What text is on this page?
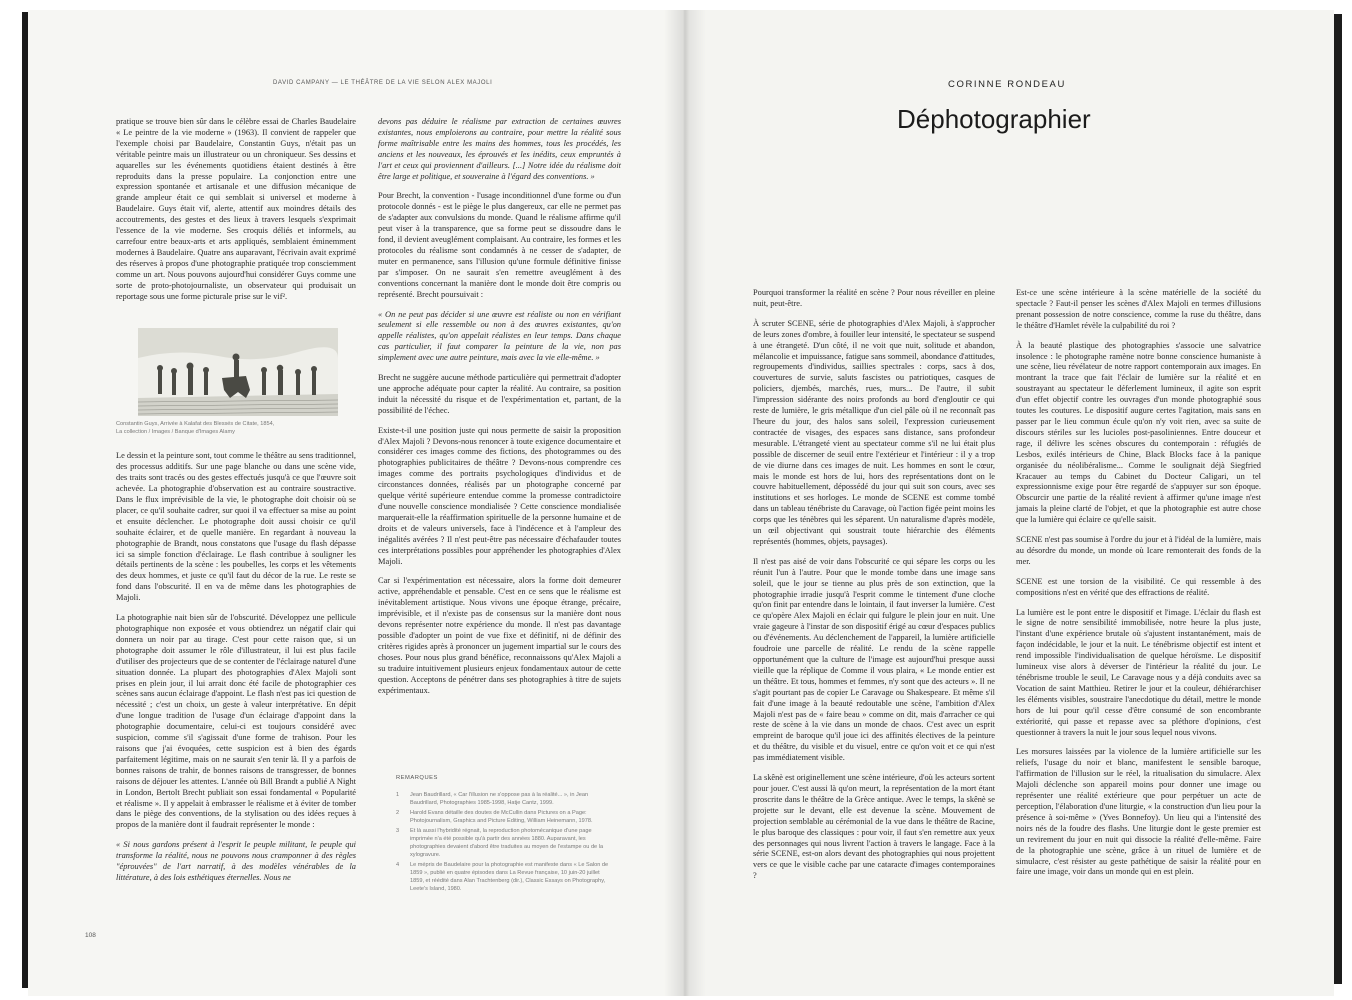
DAVID CAMPANY — LE THÉÂTRE DE LA VIE SELON ALEX MAJOLI

pratique se trouve bien sûr dans le célèbre essai de Charles Baudelaire « Le peintre de la vie moderne » (1963). Il convient de rappeler que l'exemple choisi par Baudelaire, Constantin Guys, n'était pas un véritable peintre mais un illustrateur ou un chroniqueur. Ses dessins et aquarelles sur les événements quotidiens étaient destinés à être reproduits dans la presse populaire. La conjonction entre une expression spontanée et artisanale et une diffusion mécanique de grande ampleur était ce qui semblait si universel et moderne à Baudelaire. Guys était vif, alerte, attentif aux moindres détails des accoutrements, des gestes et des lieux à travers lesquels s'exprimait l'essence de la vie moderne. Ses croquis déliés et informels, au carrefour entre beaux-arts et arts appliqués, semblaient éminemment modernes à Baudelaire. Quatre ans auparavant, l'écrivain avait exprimé des réserves à propos d'une photographie pratiquée trop consciemment comme un art. Nous pouvons aujourd'hui considérer Guys comme une sorte de proto-photojournaliste, un observateur qui produisait un reportage sous une forme picturale prise sur le vif².

Le dessin et la peinture sont, tout comme le théâtre au sens traditionnel, des processus additifs. Sur une page blanche ou dans une scène vide, des traits sont tracés ou des gestes effectués jusqu'à ce que l'œuvre soit achevée. La photographie d'observation est au contraire soustractive. Dans le flux imprévisible de la vie, le photographe doit choisir où se placer, ce qu'il souhaite cadrer, sur quoi il va effectuer sa mise au point et ensuite déclencher. Le photographe doit aussi choisir ce qu'il souhaite éclairer, et de quelle manière. En regardant à nouveau la photographie de Brandt, nous constatons que l'usage du flash dépasse ici sa simple fonction d'éclairage. Le flash contribue à souligner les détails pertinents de la scène : les poubelles, les corps et les vêtements des deux hommes, et juste ce qu'il faut du décor de la rue. Le reste se fond dans l'obscurité. Il en va de même dans les photographies de Majoli.

La photographie nait bien sûr de l'obscurité. Développez une pellicule photographique non exposée et vous obtiendrez un négatif clair qui donnera un noir par au tirage. C'est pour cette raison que, si un photographe doit assumer le rôle d'illustrateur, il lui est plus facile d'utiliser des projecteurs que de se contenter de l'éclairage naturel d'une situation donnée. La plupart des photographies d'Alex Majoli sont prises en plein jour, il lui arrait donc été facile de photographier ces scènes sans aucun éclairage d'appoint. Le flash n'est pas ici question de nécessité ; c'est un choix, un geste à valeur interprétative. En dépit d'une longue tradition de l'usage d'un éclairage d'appoint dans la photographie documentaire, celui-ci est toujours considéré avec suspicion, comme s'il s'agissait d'une forme de trahison. Pour les raisons que j'ai évoquées, cette suspicion est à bien des égards parfaitement légitime, mais on ne saurait s'en tenir là. Il y a parfois de bonnes raisons de trahir, de bonnes raisons de transgresser, de bonnes raisons de déjouer les attentes. L'année où Bill Brandt a publié A Night in London, Bertolt Brecht publiait son essai fondamental « Popularité et réalisme ». Il y appelait à embrasser le réalisme et à éviter de tomber dans le piège des conventions, de la stylisation ou des idées reçues à propos de la manière dont il faudrait représenter le monde :

« Si nous gardons présent à l'esprit le peuple militant, le peuple qui transforme la réalité, nous ne pouvons nous cramponner à des règles "éprouvées" de l'art narratif, à des modèles vénérables de la littérature, à des lois esthétiques éternelles. Nous ne

Constantin Guys, Arrivée à Kalafat des Blessés de Citate, 1854,
La collection / Images / Banque d'Images Alamy

devons pas déduire le réalisme par extraction de certaines œuvres existantes, nous emploierons au contraire, pour mettre la réalité sous forme maîtrisable entre les mains des hommes, tous les procédés, les anciens et les nouveaux, les éprouvés et les inédits, ceux empruntés à l'art et ceux qui proviennent d'ailleurs. [...] Notre idée du réalisme doit être large et politique, et souveraine à l'égard des conventions. »

Pour Brecht, la convention - l'usage inconditionnel d'une forme ou d'un protocole donnés - est le piège le plus dangereux, car elle ne permet pas de s'adapter aux convulsions du monde. Quand le réalisme affirme qu'il peut viser à la transparence, que sa forme peut se dissoudre dans le fond, il devient aveuglément complaisant. Au contraire, les formes et les protocoles du réalisme sont condamnés à ne cesser de s'adapter, de muter en permanence, sans l'illusion qu'une formule définitive finisse par s'imposer. On ne saurait s'en remettre aveuglément à des conventions concernant la manière dont le monde doit être compris ou représenté. Brecht poursuivait :

« On ne peut pas décider si une œuvre est réaliste ou non en vérifiant seulement si elle ressemble ou non à des œuvres existantes, qu'on appelle réalistes, qu'on appelait réalistes en leur temps. Dans chaque cas particulier, il faut comparer la peinture de la vie, non pas simplement avec une autre peinture, mais avec la vie elle-même. »

Brecht ne suggère aucune méthode particulière qui permettrait d'adopter une approche adéquate pour capter la réalité. Au contraire, sa position induit la nécessité du risque et de l'expérimentation et, partant, de la possibilité de l'échec.

Existe-t-il une position juste qui nous permette de saisir la proposition d'Alex Majoli ? Devons-nous renoncer à toute exigence documentaire et considérer ces images comme des fictions, des photogrammes ou des photographies publicitaires de théâtre ? Devons-nous comprendre ces images comme des portraits psychologiques d'individus et de circonstances données, réalisés par un photographe concerné par quelque vérité supérieure entendue comme la promesse contradictoire d'une nouvelle conscience mondialisée ? Cette conscience mondialisée marquerait-elle la réaffirmation spirituelle de la personne humaine et de droits et de valeurs universels, face à l'indécence et à l'ampleur des inégalités avérées ? Il n'est peut-être pas nécessaire d'échafauder toutes ces interprétations possibles pour appréhender les photographies d'Alex Majoli.

Car si l'expérimentation est nécessaire, alors la forme doit demeurer active, appréhendable et pensable. C'est en ce sens que le réalisme est inévitablement artistique. Nous vivons une époque étrange, précaire, imprévisible, et il n'existe pas de consensus sur la manière dont nous devons représenter notre expérience du monde. Il n'est pas davantage possible d'adopter un point de vue fixe et définitif, ni de définir des critères rigides après à prononcer un jugement impartial sur le cours des choses. Pour nous plus grand bénéfice, reconnaissons qu'Alex Majoli a su traduire intuitivement plusieurs enjeux fondamentaux autour de cette question. Acceptons de pénétrer dans ses photographies à titre de sujets expérimentaux.

REMARQUES
1	Jean Baudrillard, « Car l'illusion ne s'oppose pas à la réalité... », in Jean Baudrillard, Photographies 1985-1998, Hatje Cantz, 1999.
2	Harold Evans détaille des doutes de McCullin dans Pictures on a Page: Photojournalism, Graphics and Picture Editing, William Heinemann, 1978.
3	Et là aussi l'hybridité régnait, la reproduction photomécanique d'une page imprimée n'a été possible qu'à partir des années 1880. Auparavant, les photographies devaient d'abord être traduites au moyen de l'estampe ou de la xylogravure.
4	Le mépris de Baudelaire pour la photographie est manifeste dans « Le Salon de 1859 », publié en quatre épisodes dans La Revue française, 10 juin-20 juillet 1859, et réédité dans Alan Trachtenberg (dir.), Classic Essays on Photography, Leete's Island, 1980.
108
CORINNE RONDEAU
Déphotographier

Pourquoi transformer la réalité en scène ? Pour nous réveiller en pleine nuit, peut-être.

À scruter SCENE, série de photographies d'Alex Majoli, à s'approcher de leurs zones d'ombre, à fouiller leur intensité, le spectateur se suspend à une étrangeté. D'un côté, il ne voit que nuit, solitude et abandon, mélancolie et impuissance, fatigue sans sommeil, abondance d'attitudes, regroupements d'individus, saillies spectrales : corps, sacs à dos, couvertures de survie, saluts fascistes ou patriotiques, casques de policiers, djembés, marchés, rues, murs... De l'autre, il subit l'impression sidérante des noirs profonds au bord d'engloutir ce qui reste de lumière, le gris métallique d'un ciel pâle où il ne reconnaît pas l'heure du jour, des halos sans soleil, l'expression curieusement contractée de visages, des espaces sans distance, sans profondeur mesurable. L'étrangeté vient au spectateur comme s'il ne lui était plus possible de discerner de seuil entre l'extérieur et l'intérieur : il y a trop de vie diurne dans ces images de nuit. Les hommes en sont le cœur, mais le monde est hors de lui, hors des représentations dont on le couvre habituellement, dépossédé du jour qui suit son cours, avec ses institutions et ses horloges. Le monde de SCENE est comme tombé dans un tableau ténébriste du Caravage, où l'action figée peint moins les corps que les ténèbres qui les séparent. Un naturalisme d'après modèle, un œil objectivant qui soustrait toute hiérarchie des éléments représentés (hommes, objets, paysages).

Il n'est pas aisé de voir dans l'obscurité ce qui sépare les corps ou les réunit l'un à l'autre. Pour que le monde tombe dans une image sans soleil, que le jour se tienne au plus près de son extinction, que la photographie irradie jusqu'à l'esprit comme le tintement d'une cloche qu'on finit par entendre dans le lointain, il faut inverser la lumière. C'est ce qu'opère Alex Majoli en éclair qui fulgure le plein jour en nuit. Une vraie gageure à l'instar de son dispositif érigé au cœur d'espaces publics ou d'événements. Au déclenchement de l'appareil, la lumière artificielle foudroie une parcelle de réalité. Le rendu de la scène rappelle opportunément que la culture de l'image est aujourd'hui presque aussi vieille que la réplique de Comme il vous plaira, « Le monde entier est un théâtre. Et tous, hommes et femmes, n'y sont que des acteurs ». Il ne s'agit pourtant pas de copier Le Caravage ou Shakespeare. Et même s'il fait d'une image à la beauté redoutable une scène, l'ambition d'Alex Majoli n'est pas de « faire beau » comme on dit, mais d'arracher ce qui reste de scène à la vie dans un monde de chaos. C'est avec un esprit empreint de baroque qu'il joue ici des affinités électives de la peinture et du théâtre, du visible et du visuel, entre ce qu'on voit et ce qui n'est pas immédiatement visible.

La skênè est originellement une scène intérieure, d'où les acteurs sortent pour jouer. C'est aussi là qu'on meurt, la représentation de la mort étant proscrite dans le théâtre de la Grèce antique. Avec le temps, la skênè se projette sur le devant, elle est devenue la scène. Mouvement de projection semblable au cérémonial de la vue dans le théâtre de Racine, le plus baroque des classiques : pour voir, il faut s'en remettre aux yeux des personnages qui nous livrent l'action à travers le langage. Face à la série SCENE, est-on alors devant des photographies qui nous projettent vers ce que le visible cache par une cataracte d'images contemporaines ?

Est-ce une scène intérieure à la scène matérielle de la société du spectacle ? Faut-il penser les scènes d'Alex Majoli en termes d'illusions prenant possession de notre conscience, comme la ruse du théâtre, dans le théâtre d'Hamlet révèle la culpabilité du roi ?

À la beauté plastique des photographies s'associe une salvatrice insolence : le photographe ramène notre bonne conscience humaniste à une scène, lieu révélateur de notre rapport contemporain aux images. En montrant la trace que fait l'éclair de lumière sur la réalité et en soustrayant au spectateur le déferlement lumineux, il agite son esprit d'un effet objectif contre les ouvrages d'un monde photographié sous toutes les coutures. Le dispositif augure certes l'agitation, mais sans en passer par le lieu commun écule qu'on n'y voit rien, avec sa suite de discours stériles sur les lucioles post-pasoliniennes. Entre douceur et rage, il délivre les scènes obscures du contemporain : réfugiés de Lesbos, exilés intérieurs de Chine, Black Blocks face à la panique organisée du néolibéralisme... Comme le soulignait déjà Siegfried Kracauer au temps du Cabinet du Docteur Caligari, un tel expressionnisme exige pour être regardé de s'appuyer sur son époque. Obscurcir une partie de la réalité revient à affirmer qu'une image n'est jamais la pleine clarté de l'objet, et que la photographie est autre chose que la lumière qui éclaire ce qu'elle saisit.

SCENE n'est pas soumise à l'ordre du jour et à l'idéal de la lumière, mais au désordre du monde, un monde où Icare remonterait des fonds de la mer.

SCENE est une torsion de la visibilité. Ce qui ressemble à des compositions n'est en vérité que des effractions de réalité.

La lumière est le pont entre le dispositif et l'image. L'éclair du flash est le signe de notre sensibilité immobilisée, notre heure la plus juste, l'instant d'une expérience brutale où s'ajustent instantanément, mais de façon indécidable, le jour et la nuit. Le ténébrisme objectif est intent et rend impossible l'individualisation de quelque héroïsme. Le dispositif lumineux vise alors à déverser de l'intérieur la réalité du jour. Le ténébrisme trouble le seuil, Le Caravage nous y a déjà conduits avec sa Vocation de saint Matthieu. Retirer le jour et la couleur, déhiérarchiser les éléments visibles, soustraire l'anecdotique du détail, mettre le monde hors de lui pour qu'il cesse d'être consumé de son encombrante extériorité, qui passe et repasse avec sa pléthore d'opinions, c'est questionner à travers la nuit le jour sous lequel nous vivons.

Les morsures laissées par la violence de la lumière artificielle sur les reliefs, l'usage du noir et blanc, manifestent le sensible baroque, l'affirmation de l'illusion sur le réel, la ritualisation du simulacre. Alex Majoli déclenche son appareil moins pour donner une image ou représenter une réalité extérieure que pour perpétuer un acte de perception, l'élaboration d'une liturgie, « la construction d'un lieu pour la présence à soi-même » (Yves Bonnefoy). Un lieu qui a l'intensité des noirs nés de la foudre des flashs. Une liturgie dont le geste premier est un revirement du jour en nuit qui dissocie la réalité d'elle-même. Faire de la photographie une scène, grâce à un rituel de lumière et de simulacre, c'est résister au geste pathétique de saisir la réalité pour en faire une image, voir dans un monde qui en est plein.
